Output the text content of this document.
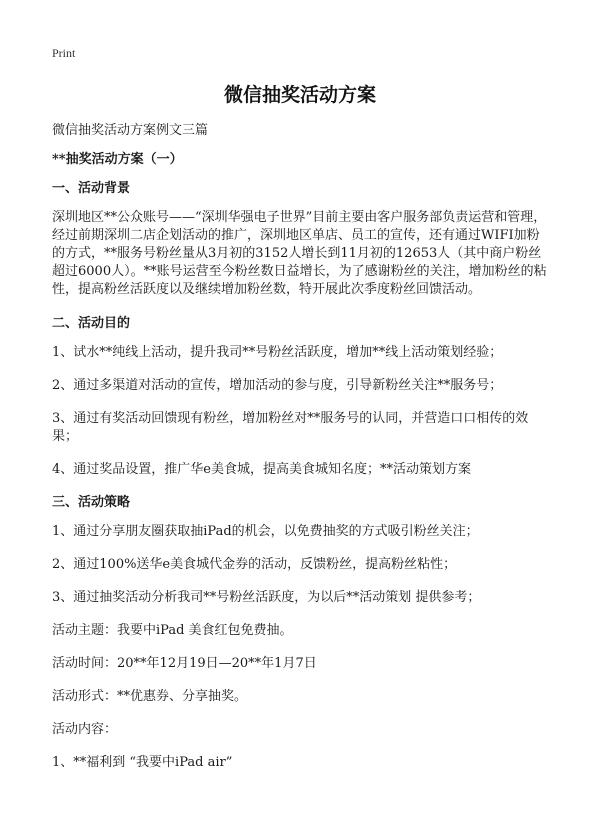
Print
微信抽奖活动方案

微信抽奖活动方案例文三篇

**抽奖活动方案（一）

一、活动背景

深圳地区**公众账号——“深圳华强电子世界”目前主要由客户服务部负责运营和管理，经过前期深圳二店企划活动的推广，深圳地区单店、员工的宣传，还有通过WIFI加粉的方式，**服务号粉丝量从3月初的3152人增长到11月初的12653人（其中商户粉丝超过6000人）。**账号运营至今粉丝数日益增长，为了感谢粉丝的关注，增加粉丝的粘性，提高粉丝活跃度以及继续增加粉丝数，特开展此次季度粉丝回馈活动。

二、活动目的

1、试水**纯线上活动，提升我司**号粉丝活跃度，增加**线上活动策划经验；

2、通过多渠道对活动的宣传，增加活动的参与度，引导新粉丝关注**服务号；

3、通过有奖活动回馈现有粉丝，增加粉丝对**服务号的认同，并营造口口相传的效果；

4、通过奖品设置，推广华e美食城，提高美食城知名度；**活动策划方案

三、活动策略

1、通过分享朋友圈获取抽iPad的机会，以免费抽奖的方式吸引粉丝关注；

2、通过100%送华e美食城代金券的活动，反馈粉丝，提高粉丝粘性；

3、通过抽奖活动分析我司**号粉丝活跃度，为以后**活动策划 提供参考；

活动主题：我要中iPad 美食红包免费抽。

活动时间：20**年12月19日—20**年1月7日

活动形式：**优惠券、分享抽奖。

活动内容：

1、**福利到 “我要中iPad air”
